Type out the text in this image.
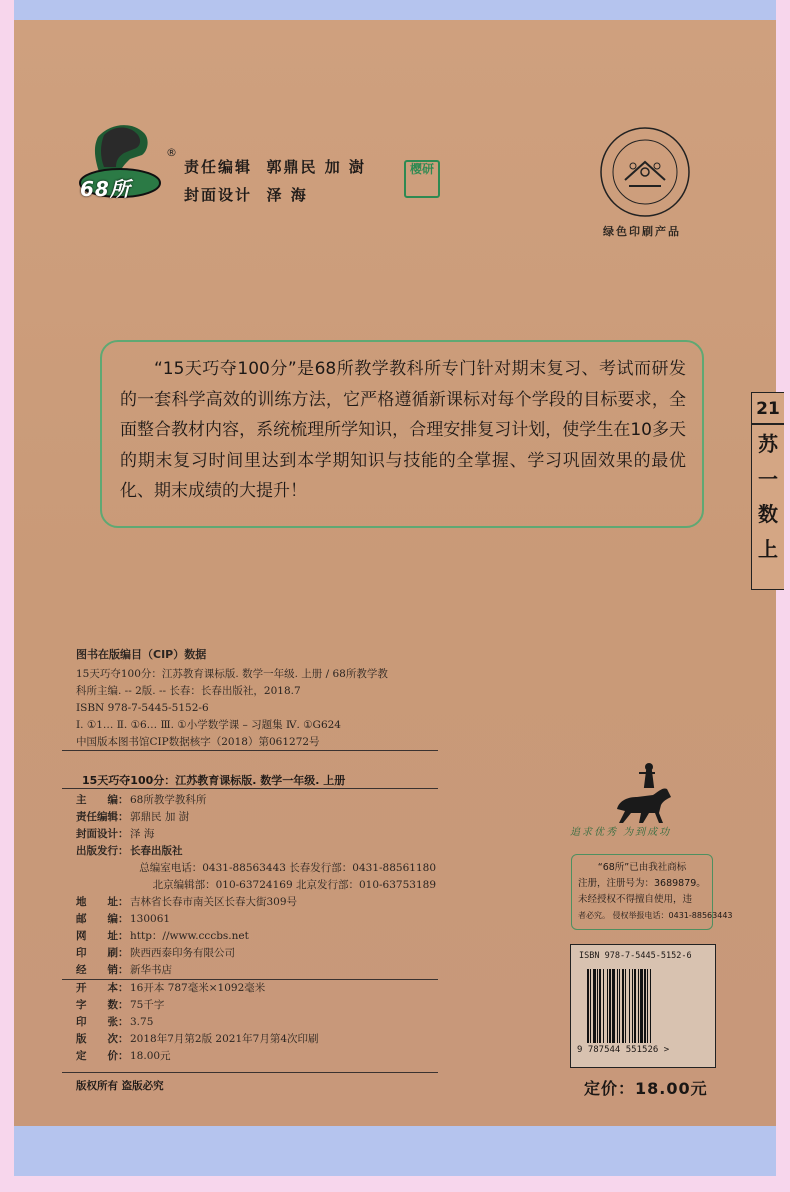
68所
®
责任编辑 郭鼎民 加 澍
封面设计 泽 海
樱研
绿色印刷产品

“15天巧夺100分”是68所教学教科所专门针对期末复习、考试而研发的一套科学高效的训练方法，它严格遵循新课标对每个学段的目标要求，全面整合教材内容，系统梳理所学知识，合理安排复习计划，使学生在10多天的期末复习时间里达到本学期知识与技能的全掌握、学习巩固效果的最优化、期末成绩的大提升！

21
苏
一
数
上
图书在版编目（CIP）数据
15天巧夺100分：江苏教育课标版. 数学一年级. 上册 / 68所教学教
科所主编. -- 2版. -- 长春：长春出版社，2018.7
ISBN 978-7-5445-5152-6
Ⅰ. ①1… Ⅱ. ①6… Ⅲ. ①小学数学课 – 习题集 Ⅳ. ①G624
中国版本图书馆CIP数据核字（2018）第061272号
15天巧夺100分：江苏教育课标版. 数学一年级. 上册
主　　编： 68所教学教科所
责任编辑： 郭鼎民 加 澍
封面设计： 泽 海
出版发行： 长春出版社
总编室电话：0431-88563443 长春发行部：0431-88561180
北京编辑部：010-63724169 北京发行部：010-63753189
地　　址： 吉林省长春市南关区长春大街309号
邮　　编： 130061
网　　址： http：//www.cccbs.net
印　　刷： 陕西西泰印务有限公司
经　　销： 新华书店
开　　本： 16开本 787毫米×1092毫米
字　　数： 75千字
印　　张： 3.75
版　　次： 2018年7月第2版 2021年7月第4次印刷
定　　价： 18.00元
版权所有 盗版必究
追求优秀 为到成功
“68所”已由我社商标
注册，注册号为：3689879。
未经授权不得擅自使用，违
者必究。 侵权举报电话：0431-88563443
ISBN 978-7-5445-5152-6
9 787544 551526 >
定价：18.00元
